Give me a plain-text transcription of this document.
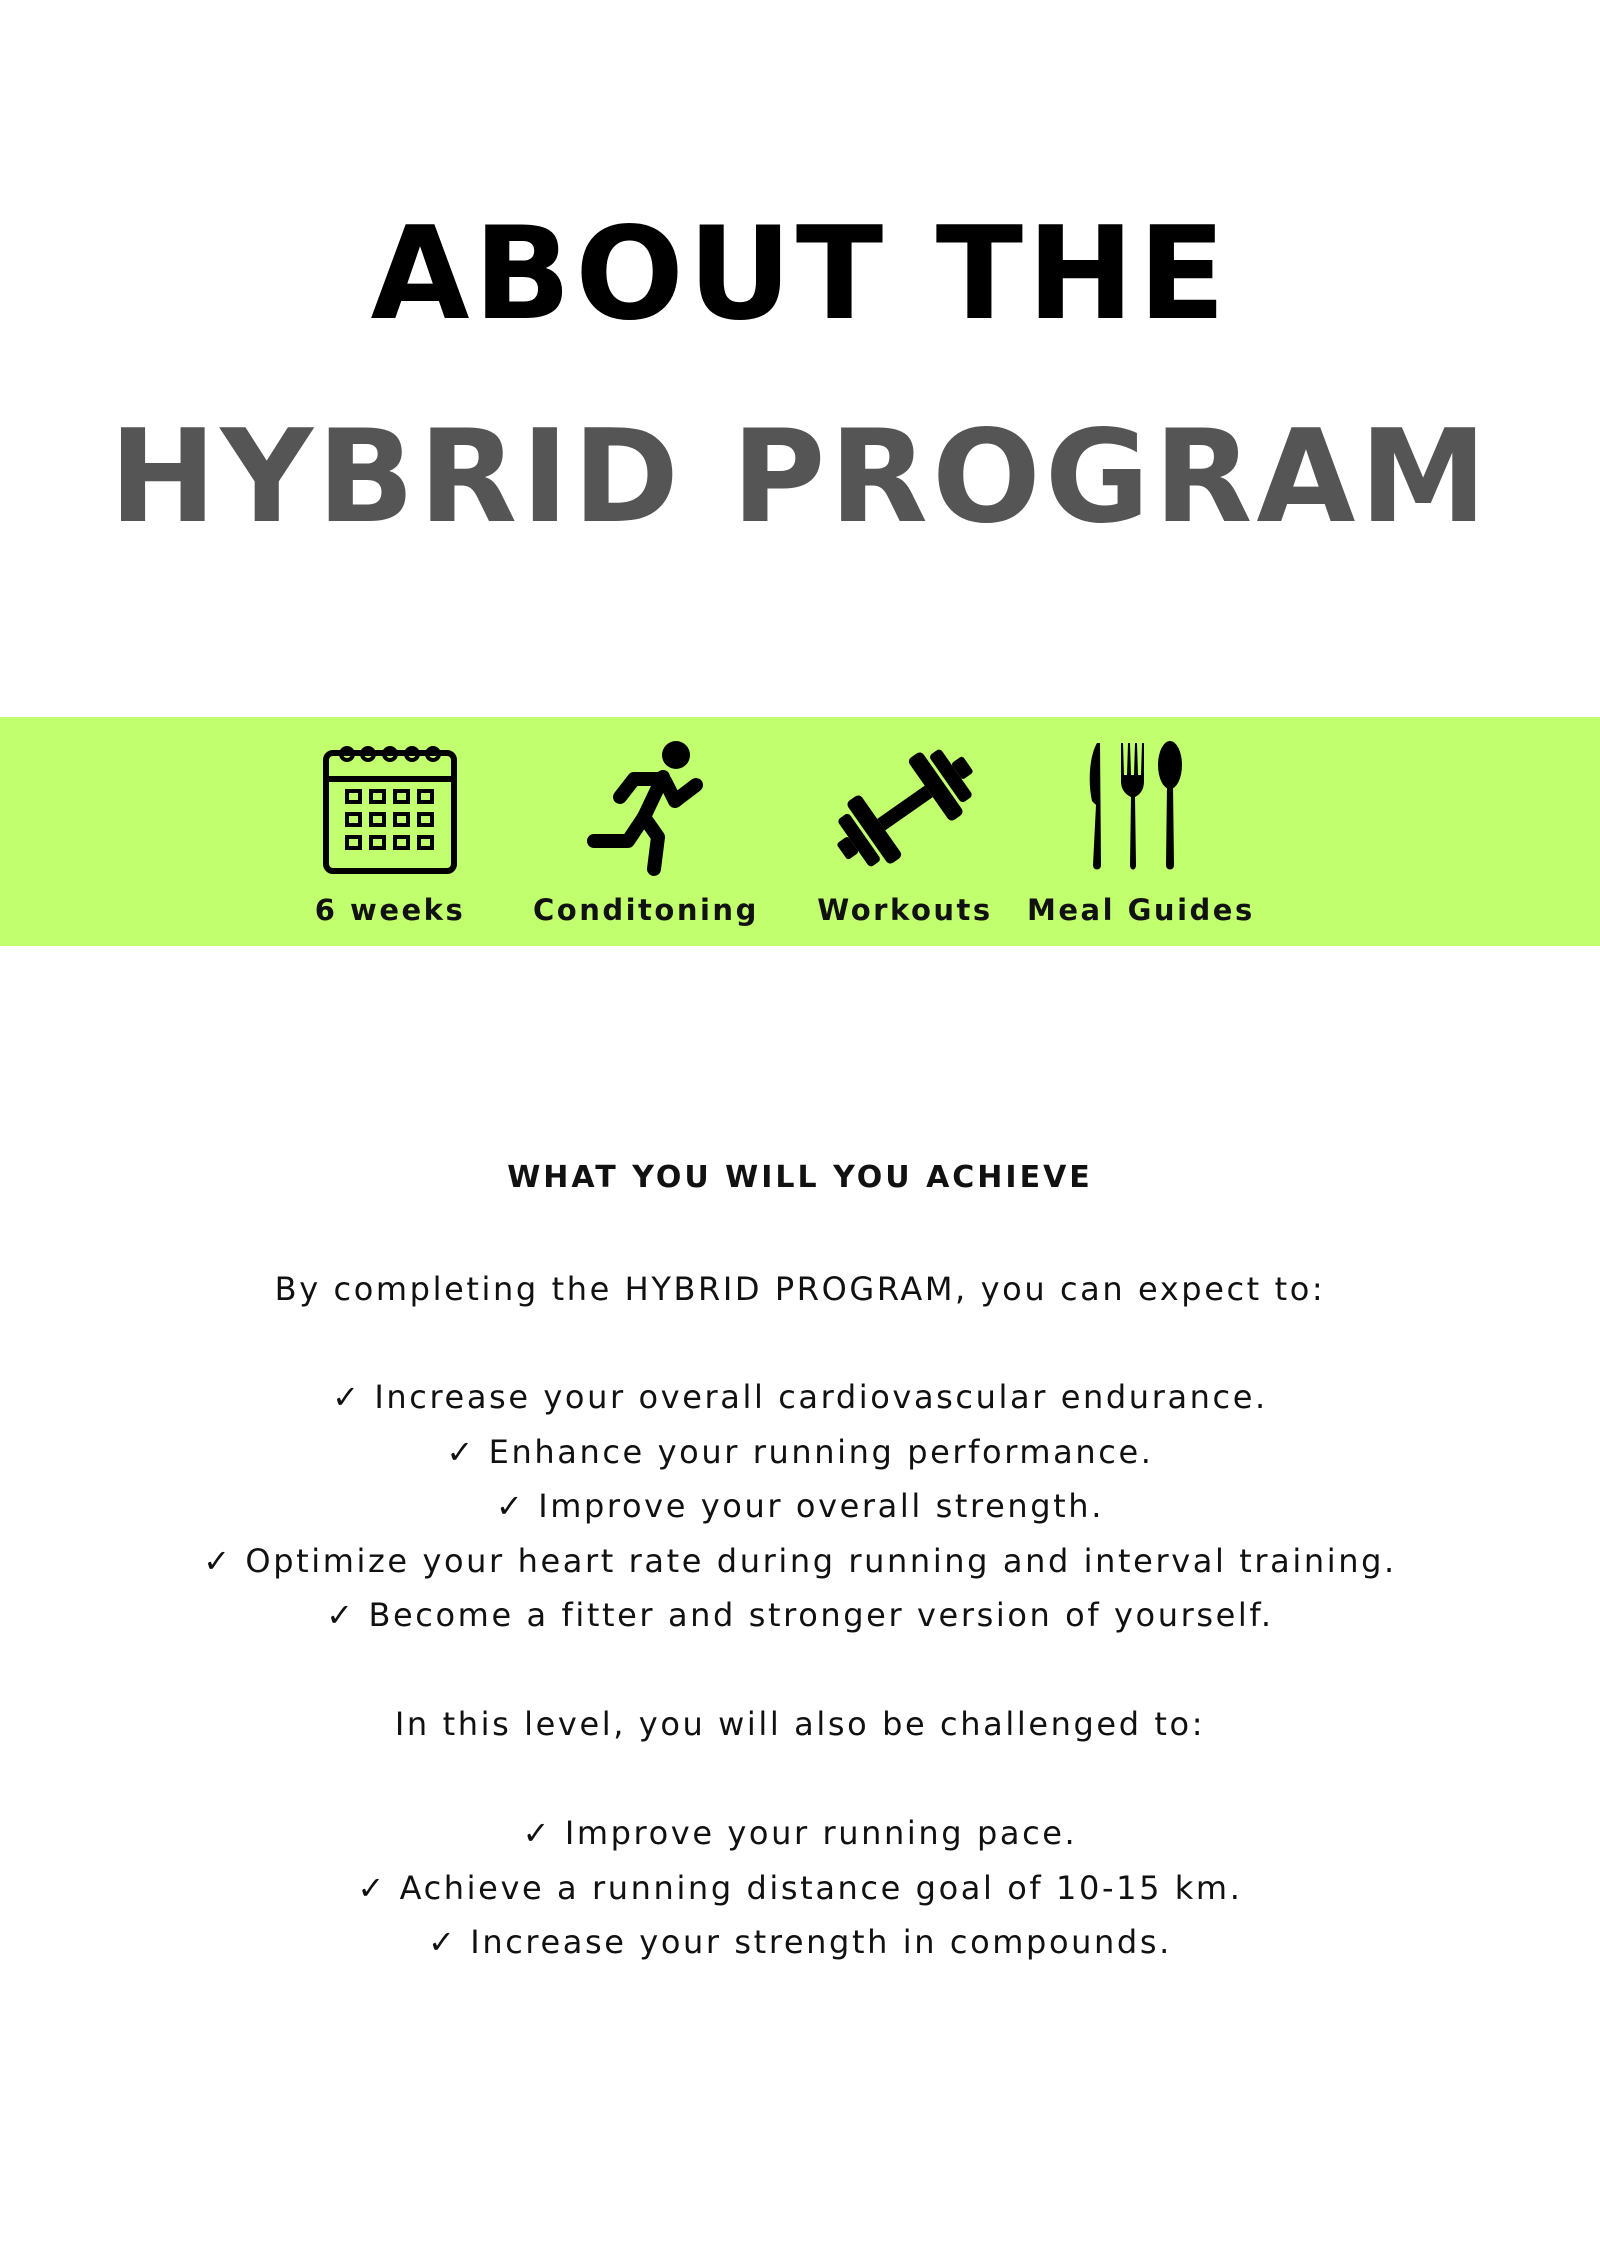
ABOUT THE
HYBRID PROGRAM
6 weeks	Conditoning	Workouts	Meal Guides
WHAT YOU WILL YOU ACHIEVE

By completing the HYBRID PROGRAM, you can expect to:

✓ Increase your overall cardiovascular endurance.
✓ Enhance your running performance.
✓ Improve your overall strength.
✓ Optimize your heart rate during running and interval training.
✓ Become a fitter and stronger version of yourself.

In this level, you will also be challenged to:

✓ Improve your running pace.
✓ Achieve a running distance goal of 10-15 km.
✓ Increase your strength in compounds.
